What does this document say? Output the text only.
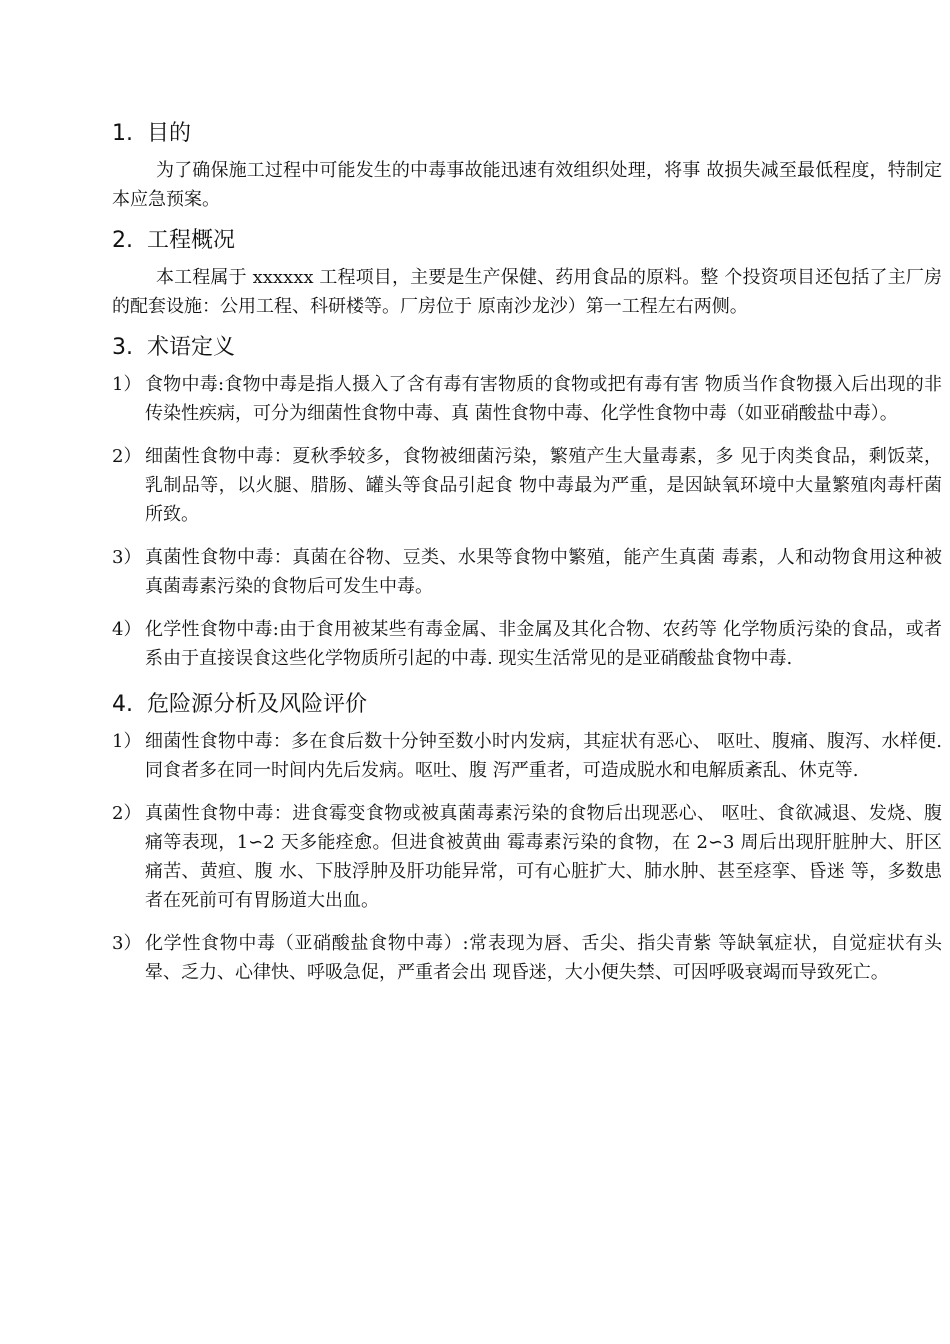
1. 目的

为了确保施工过程中可能发生的中毒事故能迅速有效组织处理，将事 故损失减至最低程度，特制定本应急预案。

2. 工程概况

本工程属于 xxxxxx 工程项目，主要是生产保健、药用食品的原料。整 个投资项目还包括了主厂房的配套设施：公用工程、科研楼等。厂房位于 原南沙龙沙）第一工程左右两侧。

3. 术语定义
1） 食物中毒:食物中毒是指人摄入了含有毒有害物质的食物或把有毒有害 物质当作食物摄入后出现的非传染性疾病，可分为细菌性食物中毒、真 菌性食物中毒、化学性食物中毒（如亚硝酸盐中毒）。
2） 细菌性食物中毒：夏秋季较多，食物被细菌污染，繁殖产生大量毒素，多 见于肉类食品，剩饭菜，乳制品等，以火腿、腊肠、罐头等食品引起食 物中毒最为严重，是因缺氧环境中大量繁殖肉毒杆菌所致。
3） 真菌性食物中毒：真菌在谷物、豆类、水果等食物中繁殖，能产生真菌 毒素，人和动物食用这种被真菌毒素污染的食物后可发生中毒。
4） 化学性食物中毒:由于食用被某些有毒金属、非金属及其化合物、农药等 化学物质污染的食品，或者系由于直接误食这些化学物质所引起的中毒. 现实生活常见的是亚硝酸盐食物中毒.
4. 危险源分析及风险评价
1） 细菌性食物中毒：多在食后数十分钟至数小时内发病，其症状有恶心、 呕吐、腹痛、腹泻、水样便.同食者多在同一时间内先后发病。呕吐、腹 泻严重者，可造成脱水和电解质紊乱、休克等.
2） 真菌性食物中毒：进食霉变食物或被真菌毒素污染的食物后出现恶心、 呕吐、食欲减退、发烧、腹痛等表现，1∽2 天多能痊愈。但进食被黄曲 霉毒素污染的食物，在 2∽3 周后出现肝脏肿大、肝区痛苦、黄疸、腹 水、下肢浮肿及肝功能异常，可有心脏扩大、肺水肿、甚至痉挛、昏迷 等，多数患者在死前可有胃肠道大出血。
3） 化学性食物中毒（亚硝酸盐食物中毒）:常表现为唇、舌尖、指尖青紫 等缺氧症状，自觉症状有头晕、乏力、心律快、呼吸急促，严重者会出 现昏迷，大小便失禁、可因呼吸衰竭而导致死亡。
